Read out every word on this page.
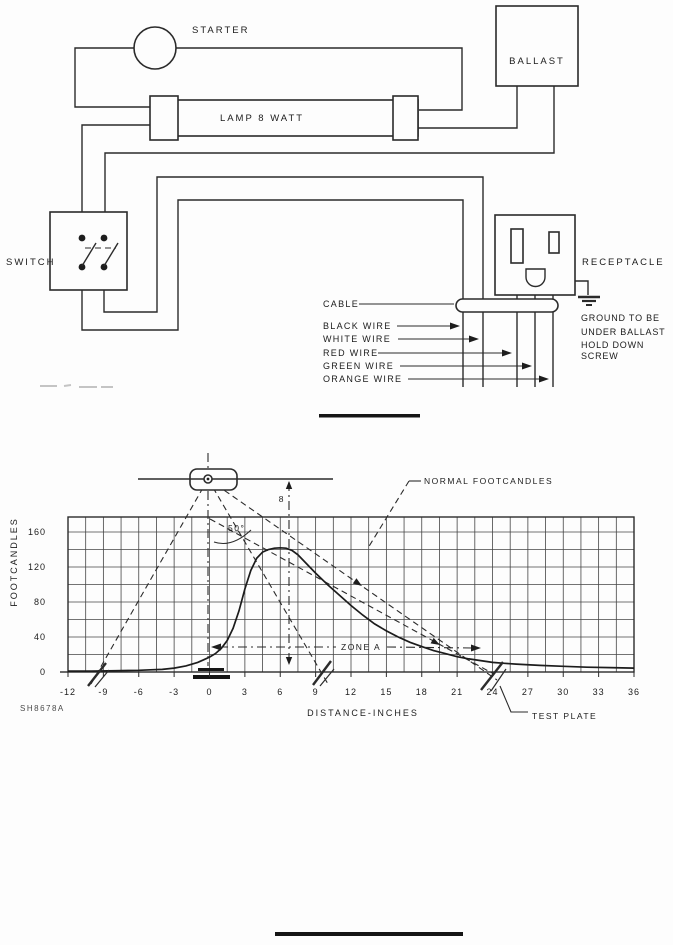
STARTER
LAMP 8 WATT
BALLAST
SWITCH	RECEPTACLE
CABLE
BLACK WIRE
WHITE WIRE
RED WIRE
GREEN WIRE
ORANGE WIRE
GROUND TO BE
UNDER BALLAST
HOLD DOWN
SCREW
8
50°
ZONE A
NORMAL FOOTCANDLES
TEST PLATE
-12 -9	-6	-3	0	3	6	9	12	15	18	21	24	27	30	33	36
0
40
80
120
160
FOOTCANDLES
DISTANCE-INCHES
SH8678A
